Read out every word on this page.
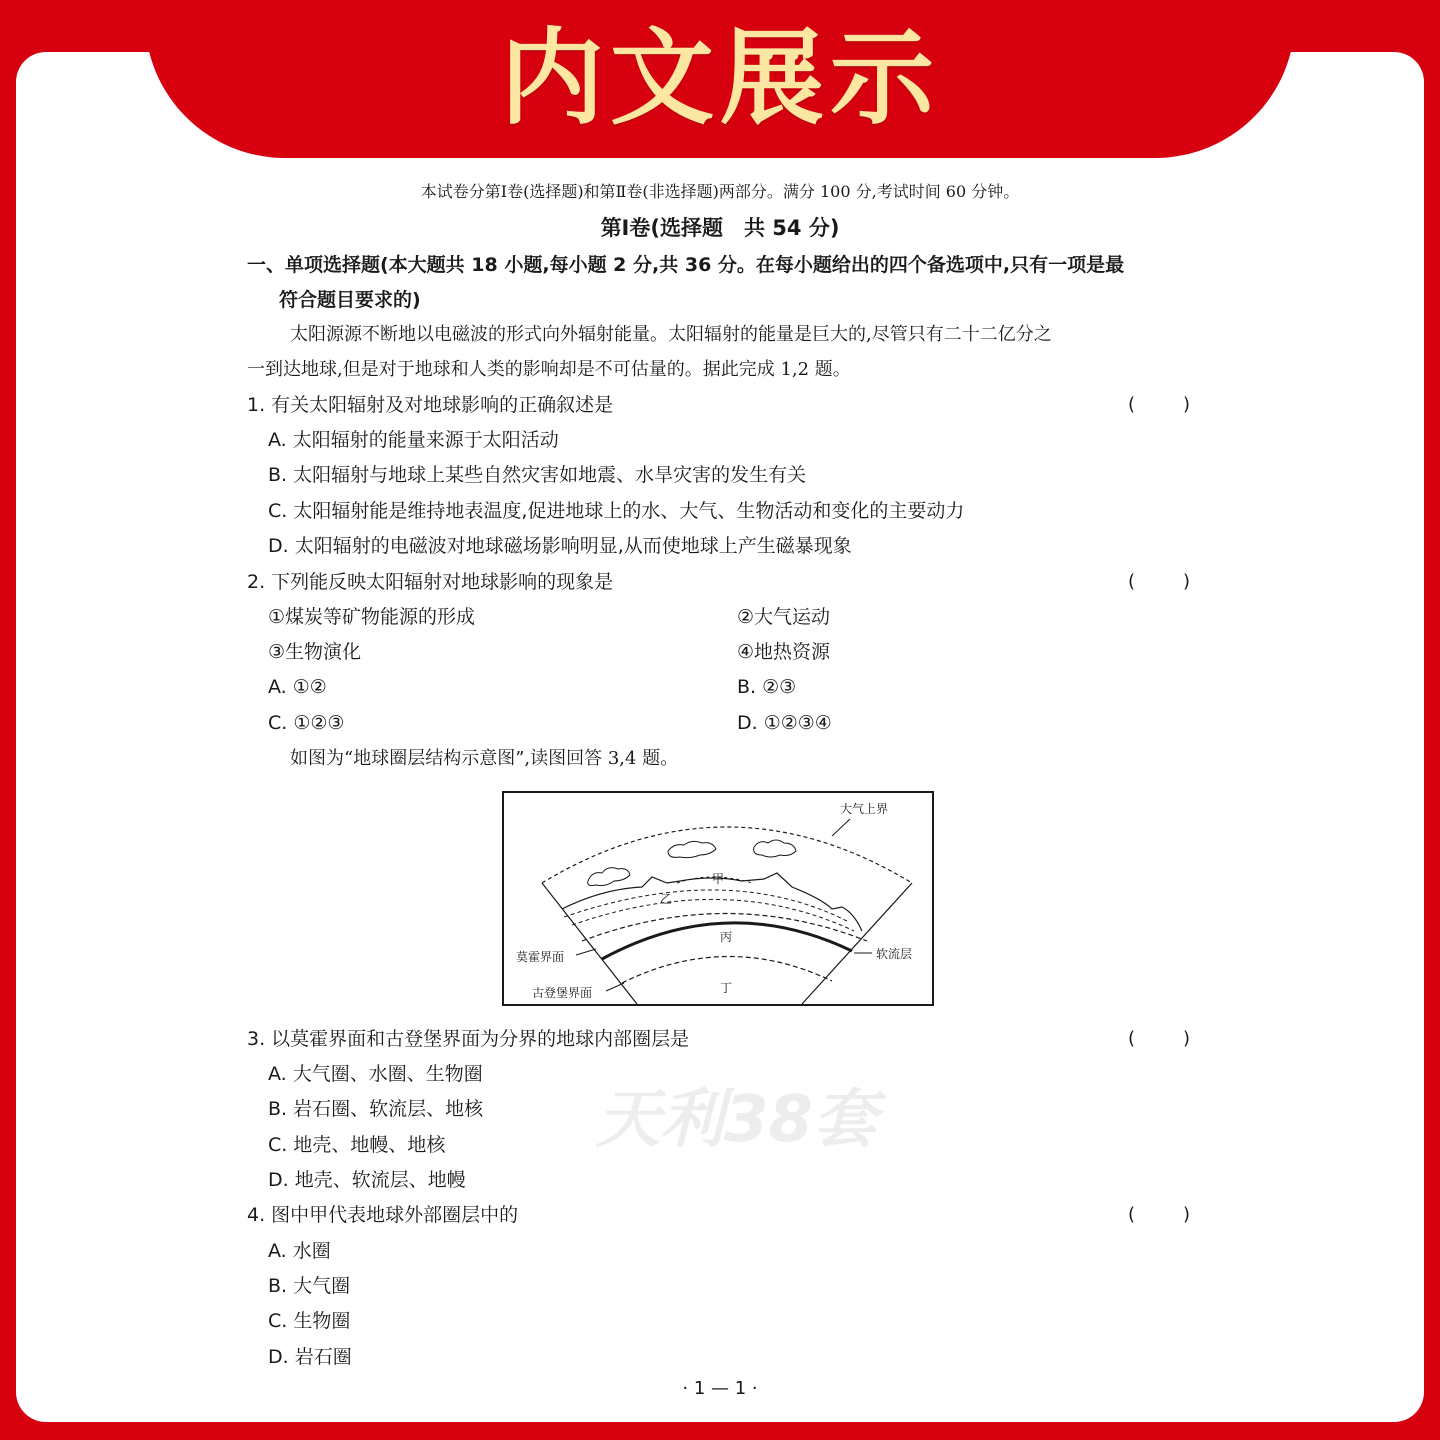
内文展示
本试卷分第Ⅰ卷(选择题)和第Ⅱ卷(非选择题)两部分。满分 100 分,考试时间 60 分钟。
第Ⅰ卷(选择题　共 54 分)
一、单项选择题(本大题共 18 小题,每小题 2 分,共 36 分。在每小题给出的四个备选项中,只有一项是最
符合题目要求的)
太阳源源不断地以电磁波的形式向外辐射能量。太阳辐射的能量是巨大的,尽管只有二十二亿分之
一到达地球,但是对于地球和人类的影响却是不可估量的。据此完成 1,2 题。
1. 有关太阳辐射及对地球影响的正确叙述是	(	)
A. 太阳辐射的能量来源于太阳活动
B. 太阳辐射与地球上某些自然灾害如地震、水旱灾害的发生有关
C. 太阳辐射能是维持地表温度,促进地球上的水、大气、生物活动和变化的主要动力
D. 太阳辐射的电磁波对地球磁场影响明显,从而使地球上产生磁暴现象
2. 下列能反映太阳辐射对地球影响的现象是	(	)
①煤炭等矿物能源的形成	②大气运动
③生物演化	④地热资源
A. ①②	B. ②③
C. ①②③	D. ①②③④
如图为“地球圈层结构示意图”,读图回答 3,4 题。
大气上界
甲
乙
丙
丁
莫霍界面
古登堡界面
软流层
3. 以莫霍界面和古登堡界面为分界的地球内部圈层是	(	)
A. 大气圈、水圈、生物圈
B. 岩石圈、软流层、地核
C. 地壳、地幔、地核
D. 地壳、软流层、地幔
天利38套
4. 图中甲代表地球外部圈层中的	(	)
A. 水圈
B. 大气圈
C. 生物圈
D. 岩石圈
· 1 — 1 ·
